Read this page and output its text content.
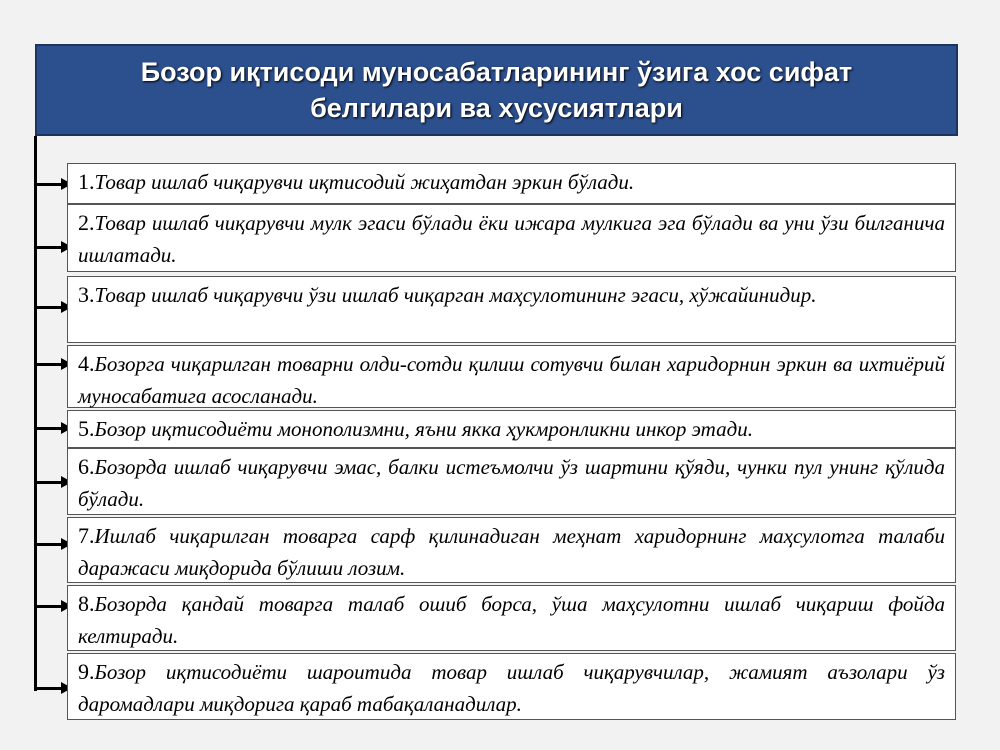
Бозор иқтисоди муносабатларининг ўзига хос сифат белгилари ва хусусиятлари
1.Товар ишлаб чиқарувчи иқтисодий жиҳатдан эркин бўлади.
2.Товар ишлаб чиқарувчи мулк эгаси бўлади ёки ижара мулкига эга бўлади ва уни ўзи билганича ишлатади.
3.Товар ишлаб чиқарувчи ўзи ишлаб чиқарган маҳсулотининг эгаси, хўжайинидир.
4.Бозорга чиқарилган товарни олди-сотди қилиш сотувчи билан харидорнин эркин ва ихтиёрий муносабатига асосланади.
5.Бозор иқтисодиёти монополизмни, яъни якка ҳукмронликни инкор этади.
6.Бозорда ишлаб чиқарувчи эмас, балки истеъмолчи ўз шартини қўяди, чунки пул унинг қўлида бўлади.
7.Ишлаб чиқарилган товарга сарф қилинадиган меҳнат харидорнинг маҳсулотга талаби даражаси миқдорида бўлиши лозим.
8.Бозорда қандай товарга талаб ошиб борса, ўша маҳсулотни ишлаб чиқариш фойда келтиради.
9.Бозор иқтисодиёти шароитида товар ишлаб чиқарувчилар, жамият аъзолари ўз даромадлари миқдорига қараб табақаланадилар.
